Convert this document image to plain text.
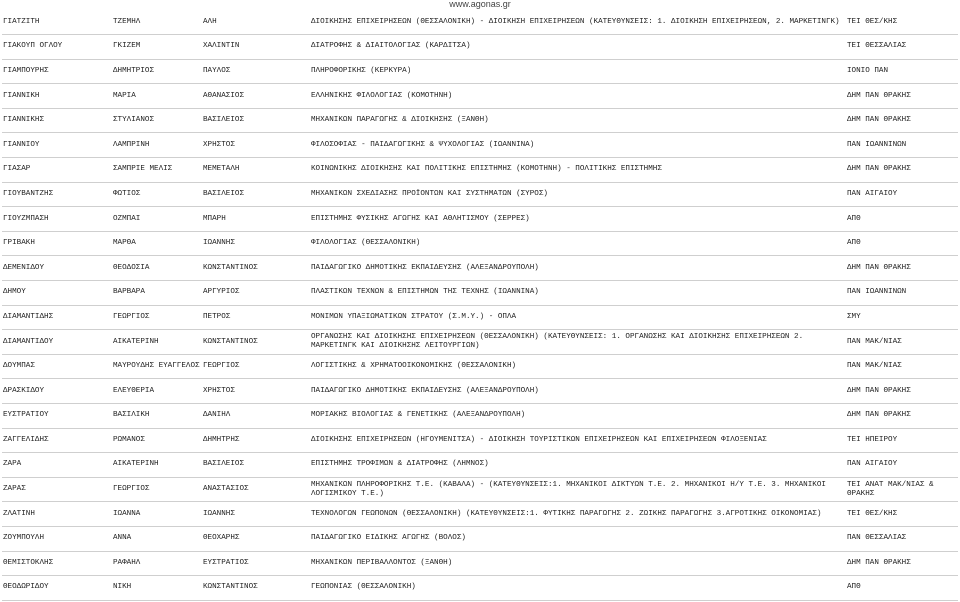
www.agonas.gr
ΓΙΑΤΖΙΤΗ	ΤΖΕΜΗΛ	ΑΛΗ	ΔΙΟΙΚΗΣΗΣ ΕΠΙΧΕΙΡΗΣΕΩΝ (ΘΕΣΣΑΛΟΝΙΚΗ) - ΔΙΟΙΚΗΣΗ ΕΠΙΧΕΙΡΗΣΕΩΝ (ΚΑΤΕΥΘΥΝΣΕΙΣ: 1. ΔΙΟΙΚΗΣΗ ΕΠΙΧΕΙΡΗΣΕΩΝ, 2. ΜΑΡΚΕΤΙΝΓΚ)	ΤΕΙ ΘΕΣ/ΚΗΣ
ΓΙΑΚΟΥΠ ΟΓΛΟΥ	ΓΚΙΖΕΜ	ΧΑΛΙΝΤΙΝ	ΔΙΑΤΡΟΦΗΣ & ΔΙΑΙΤΟΛΟΓΙΑΣ (ΚΑΡΔΙΤΣΑ)	ΤΕΙ ΘΕΣΣΑΛΙΑΣ
ΓΙΑΜΠΟΥΡΗΣ	ΔΗΜΗΤΡΙΟΣ	ΠΑΥΛΟΣ	ΠΛΗΡΟΦΟΡΙΚΗΣ (ΚΕΡΚΥΡΑ)	ΙΟΝΙΟ ΠΑΝ
ΓΙΑΝΝΙΚΗ	ΜΑΡΙΑ	ΑΘΑΝΑΣΙΟΣ	ΕΛΛΗΝΙΚΗΣ ΦΙΛΟΛΟΓΙΑΣ (ΚΟΜΟΤΗΝΗ)	ΔΗΜ ΠΑΝ ΘΡΑΚΗΣ
ΓΙΑΝΝΙΚΗΣ	ΣΤΥΛΙΑΝΟΣ	ΒΑΣΙΛΕΙΟΣ	ΜΗΧΑΝΙΚΩΝ ΠΑΡΑΓΩΓΗΣ & ΔΙΟΙΚΗΣΗΣ (ΞΑΝΘΗ)	ΔΗΜ ΠΑΝ ΘΡΑΚΗΣ
ΓΙΑΝΝΙΟΥ	ΛΑΜΠΡΙΝΗ	ΧΡΗΣΤΟΣ	ΦΙΛΟΣΟΦΙΑΣ - ΠΑΙΔΑΓΩΓΙΚΗΣ & ΨΥΧΟΛΟΓΙΑΣ (ΙΩΑΝΝΙΝΑ)	ΠΑΝ ΙΩΑΝΝΙΝΩΝ
ΓΙΑΣΑΡ	ΣΑΜΠΡΙΕ ΜΕΛΙΣ	ΜΕΜΕΤΑΛΗ	ΚΟΙΝΩΝΙΚΗΣ ΔΙΟΙΚΗΣΗΣ ΚΑΙ ΠΟΛΙΤΙΚΗΣ ΕΠΙΣΤΗΜΗΣ (ΚΟΜΟΤΗΝΗ) - ΠΟΛΙΤΙΚΗΣ ΕΠΙΣΤΗΜΗΣ	ΔΗΜ ΠΑΝ ΘΡΑΚΗΣ
ΓΙΟΥΒΑΝΤΖΗΣ	ΦΩΤΙΟΣ	ΒΑΣΙΛΕΙΟΣ	ΜΗΧΑΝΙΚΩΝ ΣΧΕΔΙΑΣΗΣ ΠΡΟΪΟΝΤΩΝ ΚΑΙ ΣΥΣΤΗΜΑΤΩΝ (ΣΥΡΟΣ)	ΠΑΝ ΑΙΓΑΙΟΥ
ΓΙΟΥΖΜΠΑΣΗ	ΟΖΜΠΑΙ	ΜΠΑΡΗ	ΕΠΙΣΤΗΜΗΣ ΦΥΣΙΚΗΣ ΑΓΩΓΗΣ ΚΑΙ ΑΘΛΗΤΙΣΜΟΥ (ΣΕΡΡΕΣ)	ΑΠΘ
ΓΡΙΒΑΚΗ	ΜΑΡΘΑ	ΙΩΑΝΝΗΣ	ΦΙΛΟΛΟΓΙΑΣ (ΘΕΣΣΑΛΟΝΙΚΗ)	ΑΠΘ
ΔΕΜΕΝΙΔΟΥ	ΘΕΟΔΟΣΙΑ	ΚΩΝΣΤΑΝΤΙΝΟΣ	ΠΑΙΔΑΓΩΓΙΚΟ ΔΗΜΟΤΙΚΗΣ ΕΚΠΑΙΔΕΥΣΗΣ (ΑΛΕΞΑΝΔΡΟΥΠΟΛΗ)	ΔΗΜ ΠΑΝ ΘΡΑΚΗΣ
ΔΗΜΟΥ	ΒΑΡΒΑΡΑ	ΑΡΓΥΡΙΟΣ	ΠΛΑΣΤΙΚΩΝ ΤΕΧΝΩΝ & ΕΠΙΣΤΗΜΩΝ ΤΗΣ ΤΕΧΝΗΣ (ΙΩΑΝΝΙΝΑ)	ΠΑΝ ΙΩΑΝΝΙΝΩΝ
ΔΙΑΜΑΝΤΙΔΗΣ	ΓΕΩΡΓΙΟΣ	ΠΕΤΡΟΣ	ΜΟΝΙΜΩΝ ΥΠΑΞΙΩΜΑΤΙΚΩΝ ΣΤΡΑΤΟΥ (Σ.Μ.Υ.) - ΟΠΛΑ	ΣΜΥ
ΔΙΑΜΑΝΤΙΔΟΥ	ΑΙΚΑΤΕΡΙΝΗ	ΚΩΝΣΤΑΝΤΙΝΟΣ	ΟΡΓΑΝΩΣΗΣ ΚΑΙ ΔΙΟΙΚΗΣΗΣ ΕΠΙΧΕΙΡΗΣΕΩΝ (ΘΕΣΣΑΛΟΝΙΚΗ) (ΚΑΤΕΥΘΥΝΣΕΙΣ: 1. ΟΡΓΑΝΩΣΗΣ ΚΑΙ ΔΙΟΙΚΗΣΗΣ ΕΠΙΧΕΙΡΗΣΕΩΝ 2. ΜΑΡΚΕΤΙΝΓΚ ΚΑΙ ΔΙΟΙΚΗΣΗΣ ΛΕΙΤΟΥΡΓΙΩΝ)	ΠΑΝ ΜΑΚ/ΝΙΑΣ
ΔΟΥΜΠΑΣ	ΜΑΥΡΟΥΔΗΣ ΕΥΑΓΓΕΛΟΣ	ΓΕΩΡΓΙΟΣ	ΛΟΓΙΣΤΙΚΗΣ & ΧΡΗΜΑΤΟΟΙΚΟΝΟΜΙΚΗΣ (ΘΕΣΣΑΛΟΝΙΚΗ)	ΠΑΝ ΜΑΚ/ΝΙΑΣ
ΔΡΑΣΚΙΔΟΥ	ΕΛΕΥΘΕΡΙΑ	ΧΡΗΣΤΟΣ	ΠΑΙΔΑΓΩΓΙΚΟ ΔΗΜΟΤΙΚΗΣ ΕΚΠΑΙΔΕΥΣΗΣ (ΑΛΕΞΑΝΔΡΟΥΠΟΛΗ)	ΔΗΜ ΠΑΝ ΘΡΑΚΗΣ
ΕΥΣΤΡΑΤΙΟΥ	ΒΑΣΙΛΙΚΗ	ΔΑΝΙΗΛ	ΜΟΡΙΑΚΗΣ ΒΙΟΛΟΓΙΑΣ & ΓΕΝΕΤΙΚΗΣ (ΑΛΕΞΑΝΔΡΟΥΠΟΛΗ)	ΔΗΜ ΠΑΝ ΘΡΑΚΗΣ
ΖΑΓΓΕΛΙΔΗΣ	ΡΩΜΑΝΟΣ	ΔΗΜΗΤΡΗΣ	ΔΙΟΙΚΗΣΗΣ ΕΠΙΧΕΙΡΗΣΕΩΝ (ΗΓΟΥΜΕΝΙΤΣΑ) - ΔΙΟΙΚΗΣΗ ΤΟΥΡΙΣΤΙΚΩΝ ΕΠΙΧΕΙΡΗΣΕΩΝ ΚΑΙ ΕΠΙΧΕΙΡΗΣΕΩΝ ΦΙΛΟΞΕΝΙΑΣ	ΤΕΙ ΗΠΕΙΡΟΥ
ΖΑΡΑ	ΑΙΚΑΤΕΡΙΝΗ	ΒΑΣΙΛΕΙΟΣ	ΕΠΙΣΤΗΜΗΣ ΤΡΟΦΙΜΩΝ & ΔΙΑΤΡΟΦΗΣ (ΛΗΜΝΟΣ)	ΠΑΝ ΑΙΓΑΙΟΥ
ΖΑΡΑΣ	ΓΕΩΡΓΙΟΣ	ΑΝΑΣΤΑΣΙΟΣ	ΜΗΧΑΝΙΚΩΝ ΠΛΗΡΟΦΟΡΙΚΗΣ Τ.Ε. (ΚΑΒΑΛΑ) - (ΚΑΤΕΥΘΥΝΣΕΙΣ:1. ΜΗΧΑΝΙΚΟΙ ΔΙΚΤΥΩΝ Τ.Ε. 2. ΜΗΧΑΝΙΚΟΙ Η/Υ Τ.Ε. 3. ΜΗΧΑΝΙΚΟΙ ΛΟΓΙΣΜΙΚΟΥ Τ.Ε.)	ΤΕΙ ΑΝΑΤ ΜΑΚ/ΝΙΑΣ & ΘΡΑΚΗΣ
ΖΛΑΤΙΝΗ	ΙΩΑΝΝΑ	ΙΩΑΝΝΗΣ	ΤΕΧΝΟΛΟΓΩΝ ΓΕΩΠΟΝΩΝ (ΘΕΣΣΑΛΟΝΙΚΗ) (ΚΑΤΕΥΘΥΝΣΕΙΣ:1. ΦΥΤΙΚΗΣ ΠΑΡΑΓΩΓΗΣ 2. ΖΩΙΚΗΣ ΠΑΡΑΓΩΓΗΣ 3.ΑΓΡΟΤΙΚΗΣ ΟΙΚΟΝΟΜΙΑΣ)	ΤΕΙ ΘΕΣ/ΚΗΣ
ΖΟΥΜΠΟΥΛΗ	ΑΝΝΑ	ΘΕΟΧΑΡΗΣ	ΠΑΙΔΑΓΩΓΙΚΟ ΕΙΔΙΚΗΣ ΑΓΩΓΗΣ (ΒΟΛΟΣ)	ΠΑΝ ΘΕΣΣΑΛΙΑΣ
ΘΕΜΙΣΤΟΚΛΗΣ	ΡΑΦΑΗΛ	ΕΥΣΤΡΑΤΙΟΣ	ΜΗΧΑΝΙΚΩΝ ΠΕΡΙΒΑΛΛΟΝΤΟΣ (ΞΑΝΘΗ)	ΔΗΜ ΠΑΝ ΘΡΑΚΗΣ
ΘΕΟΔΩΡΙΔΟΥ	ΝΙΚΗ	ΚΩΝΣΤΑΝΤΙΝΟΣ	ΓΕΩΠΟΝΙΑΣ (ΘΕΣΣΑΛΟΝΙΚΗ)	ΑΠΘ
